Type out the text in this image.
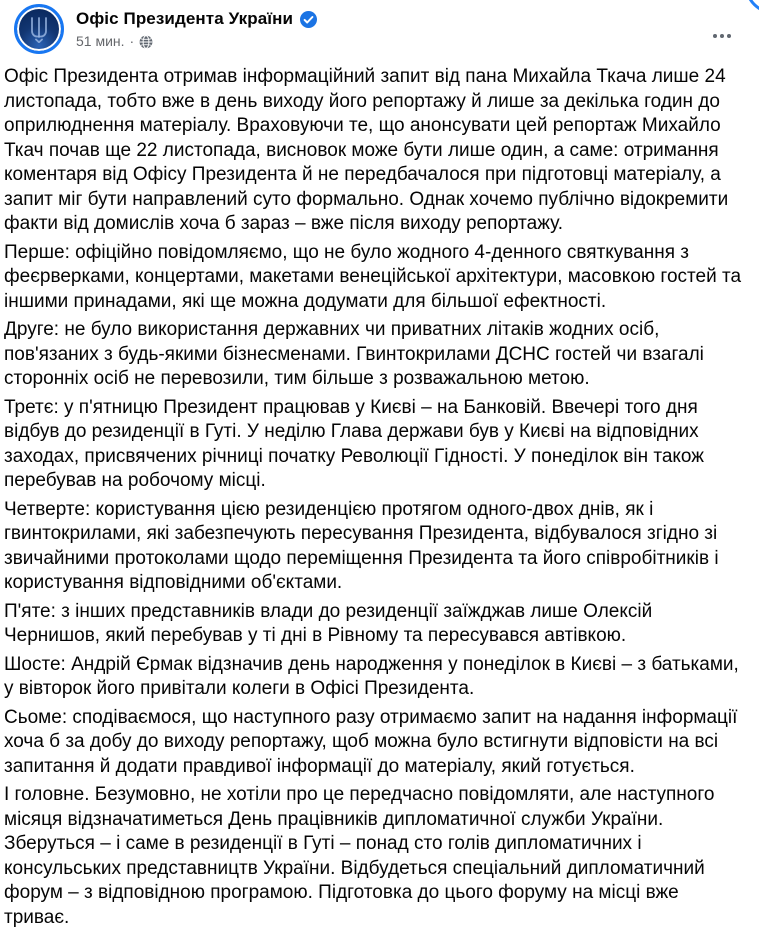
Офіс Президента України
51 мин. ·

Офіс Президента отримав інформаційний запит від пана Михайла Ткача лише 24 листопада, тобто вже в день виходу його репортажу й лише за декілька годин до оприлюднення матеріалу. Враховуючи те, що анонсувати цей репортаж Михайло Ткач почав ще 22 листопада, висновок може бути лише один, а саме: отримання коментаря від Офісу Президента й не передбачалося при підготовці матеріалу, а запит міг бути направлений суто формально. Однак хочемо публічно відокремити факти від домислів хоча б зараз – вже після виходу репортажу.

Перше: офіційно повідомляємо, що не було жодного 4-денного святкування з феєрверками, концертами, макетами венеційської архітектури, масовкою гостей та іншими принадами, які ще можна додумати для більшої ефектності.

Друге: не було використання державних чи приватних літаків жодних осіб, пов'язаних з будь-якими бізнесменами. Гвинтокрилами ДСНС гостей чи взагалі сторонніх осіб не перевозили, тим більше з розважальною метою.

Третє: у п'ятницю Президент працював у Києві – на Банковій. Ввечері того дня відбув до резиденції в Гуті. У неділю Глава держави був у Києві на відповідних заходах, присвячених річниці початку Революції Гідності. У понеділок він також перебував на робочому місці.

Четверте: користування цією резиденцією протягом одного-двох днів, як і гвинтокрилами, які забезпечують пересування Президента, відбувалося згідно зі звичайними протоколами щодо переміщення Президента та його співробітників і користування відповідними об'єктами.

П'яте: з інших представників влади до резиденції заїжджав лише Олексій Чернишов, який перебував у ті дні в Рівному та пересувався автівкою.

Шосте: Андрій Єрмак відзначив день народження у понеділок в Києві – з батьками, у вівторок його привітали колеги в Офісі Президента.

Сьоме: сподіваємося, що наступного разу отримаємо запит на надання інформації хоча б за добу до виходу репортажу, щоб можна було встигнути відповісти на всі запитання й додати правдивої інформації до матеріалу, який готується.

І головне. Безумовно, не хотіли про це передчасно повідомляти, але наступного місяця відзначатиметься День працівників дипломатичної служби України. Зберуться – і саме в резиденції в Гуті – понад сто голів дипломатичних і консульських представництв України. Відбудеться спеціальний дипломатичний форум – з відповідною програмою. Підготовка до цього форуму на місці вже триває.
